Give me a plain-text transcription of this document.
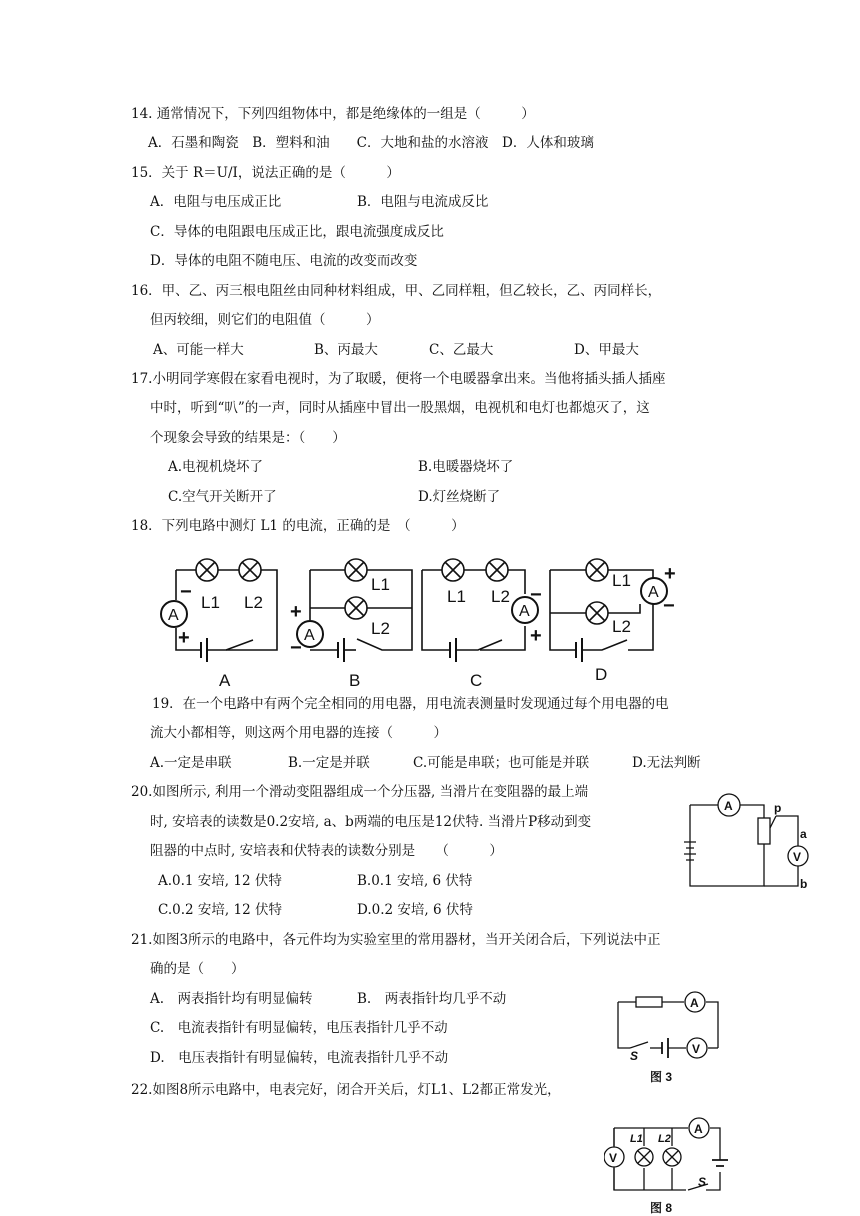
14. 通常情况下，下列四组物体中，都是绝缘体的一组是（　　　）
A．石墨和陶瓷　B．塑料和油　　C．大地和盐的水溶液　D．人体和玻璃
15．关于 R＝U/I，说法正确的是（　　　）
A．电阻与电压成正比	B．电阻与电流成反比
C．导体的电阻跟电压成正比，跟电流强度成反比
D．导体的电阻不随电压、电流的改变而改变
16．甲、乙、丙三根电阻丝由同种材料组成，甲、乙同样粗，但乙较长，乙、丙同样长，
但丙较细，则它们的电阻值（　　　）
A、可能一样大	B、丙最大	C、乙最大	D、甲最大
17.小明同学寒假在家看电视时，为了取暖，便将一个电暖器拿出来。当他将插头插人插座
中时，听到“叭”的一声，同时从插座中冒出一股黑烟，电视机和电灯也都熄灭了，这
个现象会导致的结果是：（　　）
A.电视机烧坏了	B.电暖器烧坏了
C.空气开关断开了	D.灯丝烧断了
18．下列电路中测灯 L1 的电流，正确的是　（　　　）
A
L1 L2
A
A
L1
L2
B
A
L1 L2
C
A
L1
L2
D
−
+
+
−
−
+
+
−
19．在一个电路中有两个完全相同的用电器，用电流表测量时发现通过每个用电器的电
流大小都相等，则这两个用电器的连接（　　　）
A.一定是串联	B.一定是并联	C.可能是串联；也可能是并联	D.无法判断
20.如图所示, 利用一个滑动变阻器组成一个分压器, 当滑片在变阻器的最上端
时, 安培表的读数是0.2安培, a、b两端的电压是12伏特. 当滑片P移动到变
阻器的中点时, 安培表和伏特表的读数分别是　　（　　　）
A.0.1 安培, 12 伏特	B.0.1 安培, 6 伏特
C.0.2 安培, 12 伏特	D.0.2 安培, 6 伏特
A
V
p
a
b
21.如图3所示的电路中，各元件均为实验室里的常用器材，当开关闭合后，下列说法中正
确的是（　　）
A.　两表指针均有明显偏转	B.　两表指针均几乎不动
C.　电流表指针有明显偏转，电压表指针几乎不动
D.　电压表指针有明显偏转，电流表指针几乎不动
A
V
S
图 3
22.如图8所示电路中，电表完好，闭合开关后，灯L1、L2都正常发光，
A
V
L1 L2
S
图 8
